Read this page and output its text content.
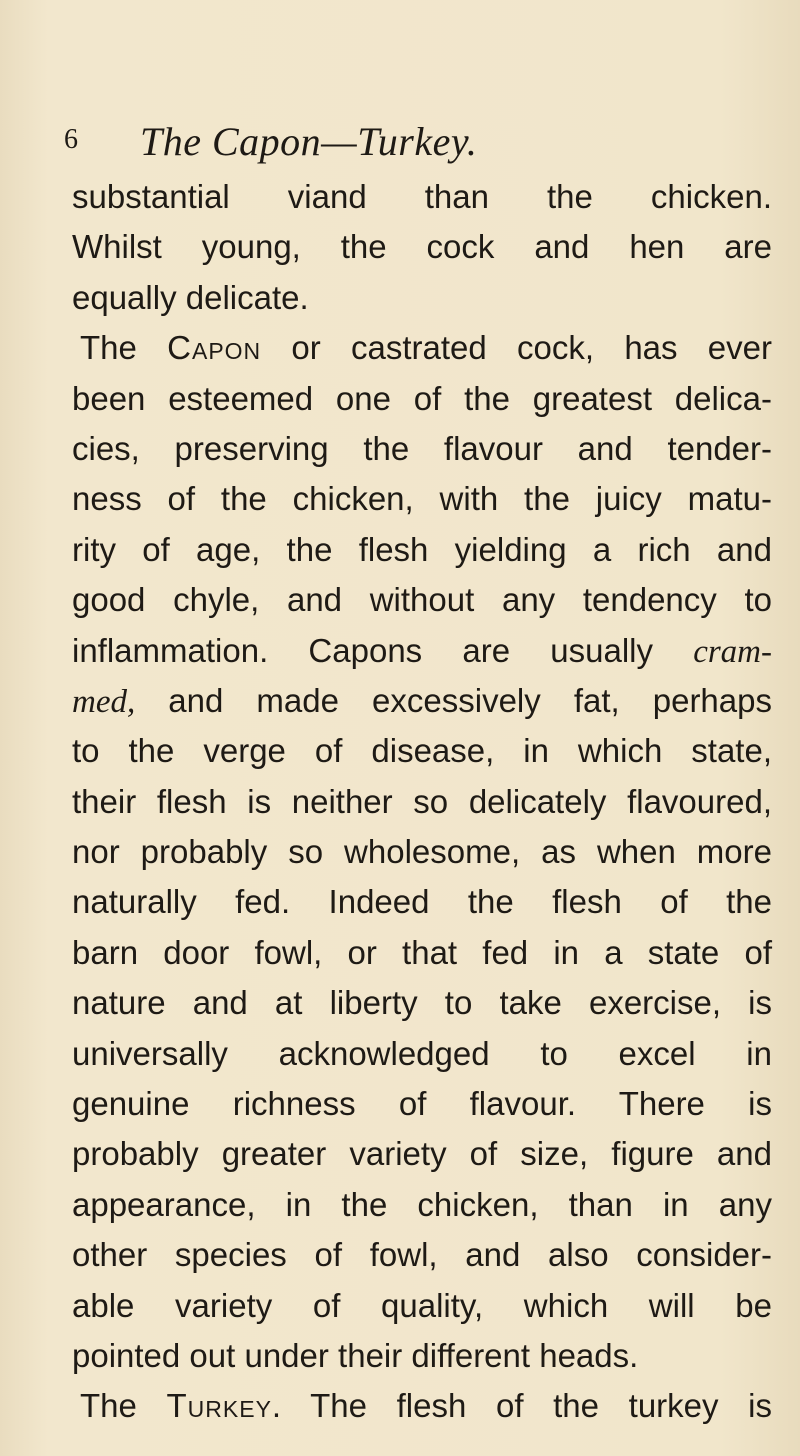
6 The Capon—Turkey.
substantial viand than the chicken.
Whilst young, the cock and hen are
equally delicate.
The Capon or castrated cock, has ever
been esteemed one of the greatest delica-
cies, preserving the flavour and tender-
ness of the chicken, with the juicy matu-
rity of age, the flesh yielding a rich and
good chyle, and without any tendency to
inflammation. Capons are usually cram-
med, and made excessively fat, perhaps
to the verge of disease, in which state,
their flesh is neither so delicately flavoured,
nor probably so wholesome, as when more
naturally fed. Indeed the flesh of the
barn door fowl, or that fed in a state of
nature and at liberty to take exercise, is
universally acknowledged to excel in
genuine richness of flavour. There is
probably greater variety of size, figure and
appearance, in the chicken, than in any
other species of fowl, and also consider-
able variety of quality, which will be
pointed out under their different heads.
The Turkey. The flesh of the turkey is
